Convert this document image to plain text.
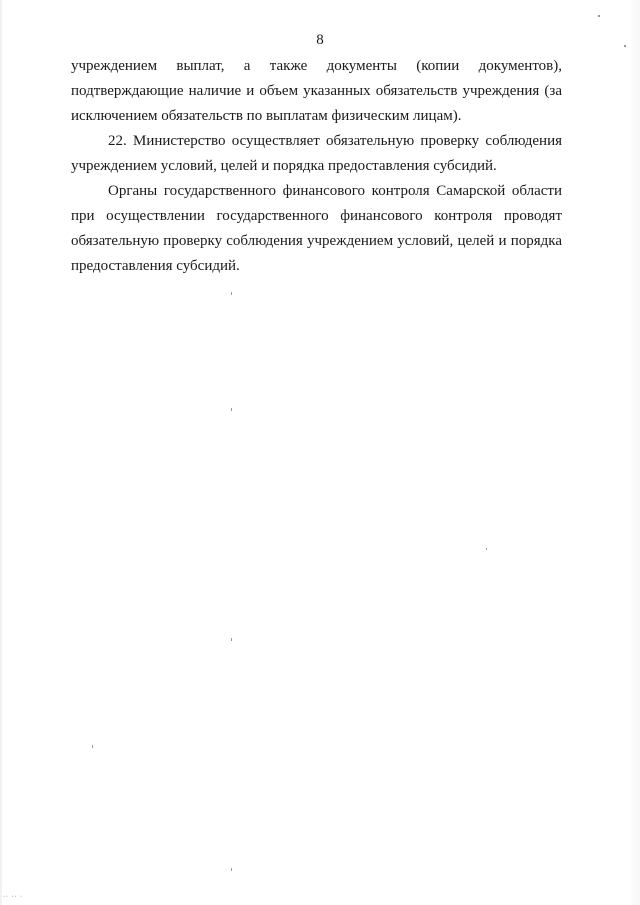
8
учреждением выплат, а также документы (копии документов),
подтверждающие наличие и объем указанных обязательств учреждения (за
исключением обязательств по выплатам физическим лицам).
22. Министерство осуществляет обязательную проверку соблюдения
учреждением условий, целей и порядка предоставления субсидий.
Органы государственного финансового контроля Самарской области
при осуществлении государственного финансового контроля проводят
обязательную проверку соблюдения учреждением условий, целей и порядка
предоставления субсидий.
·· ·· ·
